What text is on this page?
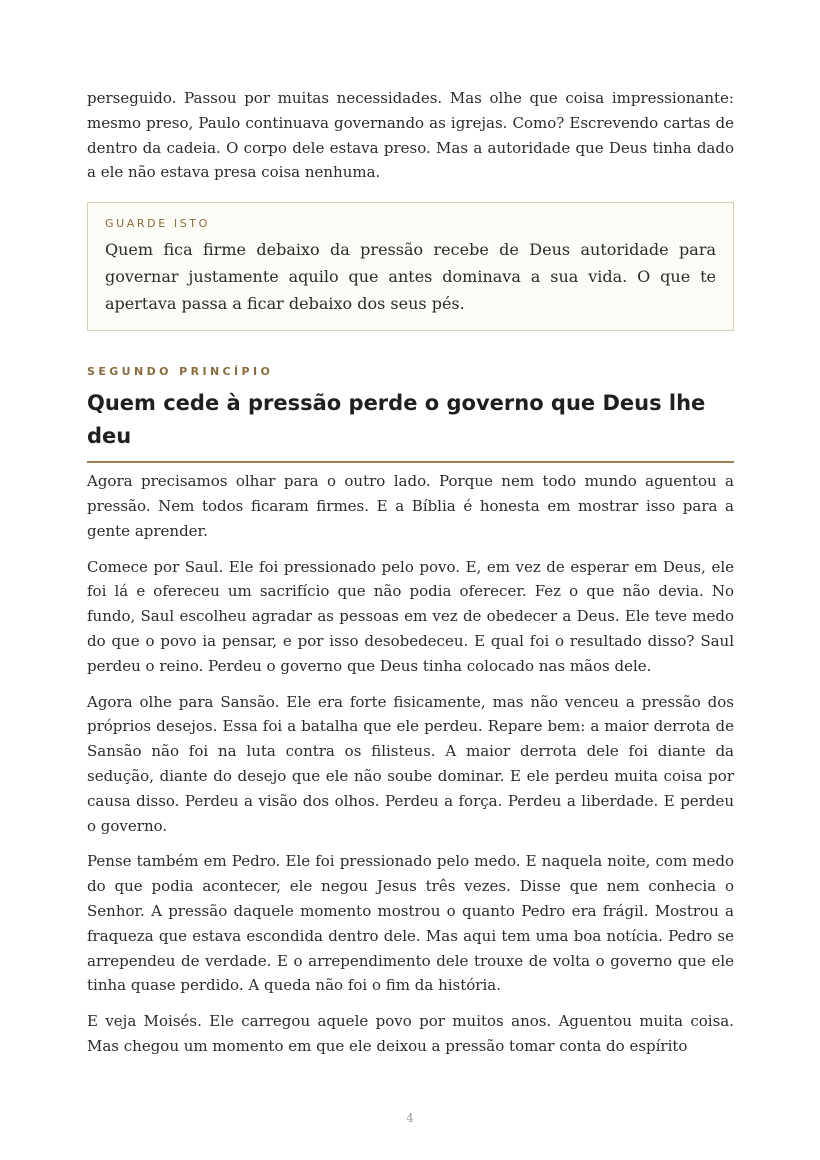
perseguido. Passou por muitas necessidades. Mas olhe que coisa impressionante: mesmo preso, Paulo continuava governando as igrejas. Como? Escrevendo cartas de dentro da cadeia. O corpo dele estava preso. Mas a autoridade que Deus tinha dado a ele não estava presa coisa nenhuma.

GUARDE ISTO

Quem fica firme debaixo da pressão recebe de Deus autoridade para governar justamente aquilo que antes dominava a sua vida. O que te apertava passa a ficar debaixo dos seus pés.

SEGUNDO PRINCÍPIO
Quem cede à pressão perde o governo que Deus lhe deu

Agora precisamos olhar para o outro lado. Porque nem todo mundo aguentou a pressão. Nem todos ficaram firmes. E a Bíblia é honesta em mostrar isso para a gente aprender.

Comece por Saul. Ele foi pressionado pelo povo. E, em vez de esperar em Deus, ele foi lá e ofereceu um sacrifício que não podia oferecer. Fez o que não devia. No fundo, Saul escolheu agradar as pessoas em vez de obedecer a Deus. Ele teve medo do que o povo ia pensar, e por isso desobedeceu. E qual foi o resultado disso? Saul perdeu o reino. Perdeu o governo que Deus tinha colocado nas mãos dele.

Agora olhe para Sansão. Ele era forte fisicamente, mas não venceu a pressão dos próprios desejos. Essa foi a batalha que ele perdeu. Repare bem: a maior derrota de Sansão não foi na luta contra os filisteus. A maior derrota dele foi diante da sedução, diante do desejo que ele não soube dominar. E ele perdeu muita coisa por causa disso. Perdeu a visão dos olhos. Perdeu a força. Perdeu a liberdade. E perdeu o governo.

Pense também em Pedro. Ele foi pressionado pelo medo. E naquela noite, com medo do que podia acontecer, ele negou Jesus três vezes. Disse que nem conhecia o Senhor. A pressão daquele momento mostrou o quanto Pedro era frágil. Mostrou a fraqueza que estava escondida dentro dele. Mas aqui tem uma boa notícia. Pedro se arrependeu de verdade. E o arrependimento dele trouxe de volta o governo que ele tinha quase perdido. A queda não foi o fim da história.

E veja Moisés. Ele carregou aquele povo por muitos anos. Aguentou muita coisa. Mas chegou um momento em que ele deixou a pressão tomar conta do espírito

4
